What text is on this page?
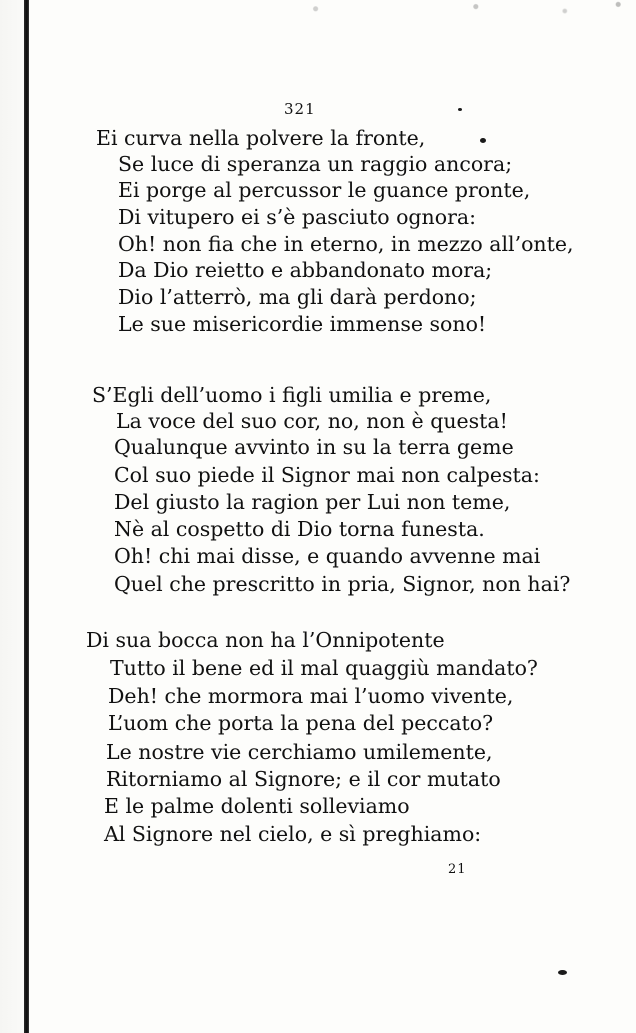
321
Ei curva nella polvere la fronte,
Se luce di speranza un raggio ancora;
Ei porge al percussor le guance pronte,
Di vitupero ei s’è pasciuto ognora:
Oh! non fia che in eterno, in mezzo all’onte,
Da Dio reietto e abbandonato mora;
Dio l’atterrò, ma gli darà perdono;
Le sue misericordie immense sono!
S’Egli dell’uomo i figli umilia e preme,
La voce del suo cor, no, non è questa!
Qualunque avvinto in su la terra geme
Col suo piede il Signor mai non calpesta:
Del giusto la ragion per Lui non teme,
Nè al cospetto di Dio torna funesta.
Oh! chi mai disse, e quando avvenne mai
Quel che prescritto in pria, Signor, non hai?
Di sua bocca non ha l’Onnipotente
Tutto il bene ed il mal quaggiù mandato?
Deh! che mormora mai l’uomo vivente,
L’uom che porta la pena del peccato?
Le nostre vie cerchiamo umilemente,
Ritorniamo al Signore; e il cor mutato
E le palme dolenti solleviamo
Al Signore nel cielo, e sì preghiamo:
21
